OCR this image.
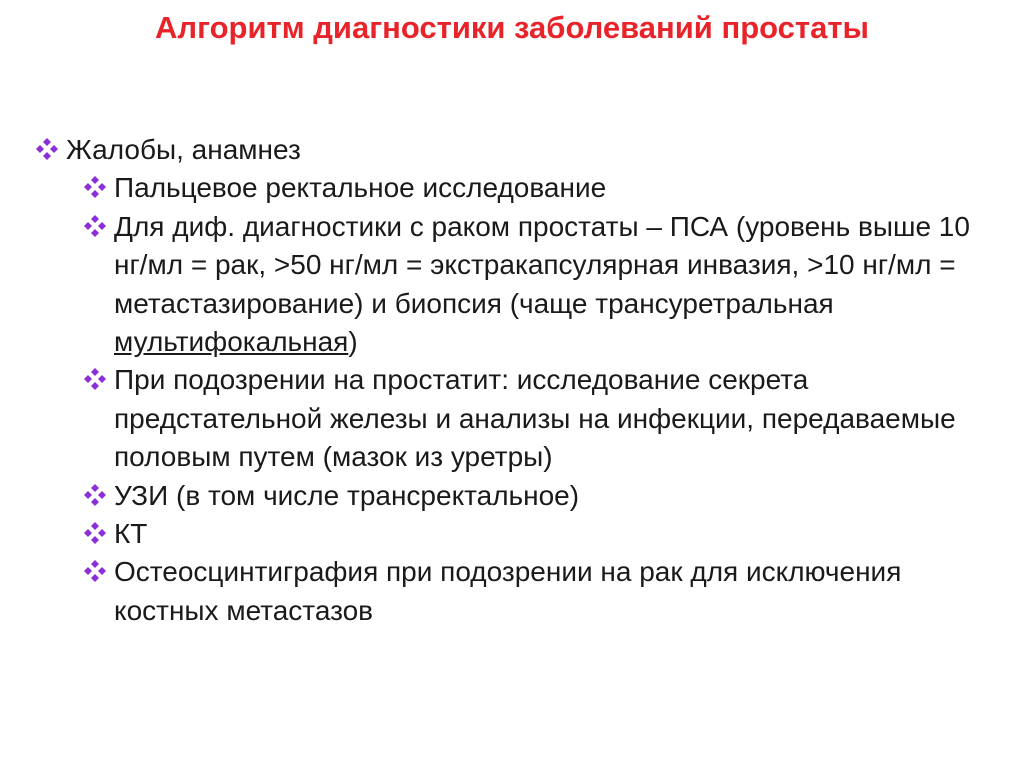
Алгоритм диагностики заболеваний простаты
Жалобы, анамнез
Пальцевое ректальное исследование
Для диф. диагностики с раком простаты – ПСА (уровень выше 10 нг/мл = рак, >50 нг/мл = экстракапсулярная инвазия, >10 нг/мл = метастазирование) и биопсия (чаще трансуретральная мультифокальная)
При подозрении на простатит: исследование секрета предстательной железы и анализы на инфекции, передаваемые половым путем (мазок из уретры)
УЗИ (в том числе трансректальное)
КТ
Остеосцинтиграфия при подозрении на рак для исключения костных метастазов
